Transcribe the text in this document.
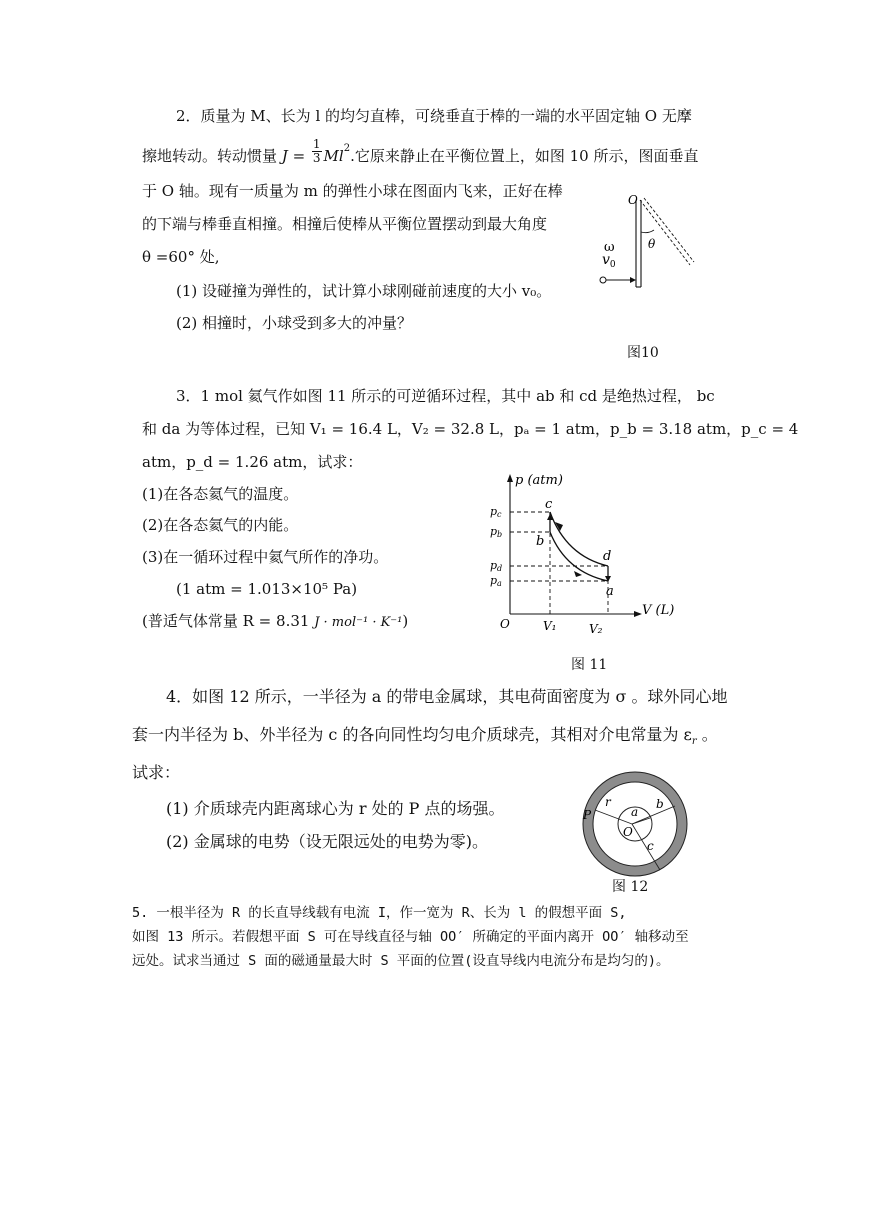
2．质量为 M、长为 l 的均匀直棒，可绕垂直于棒的一端的水平固定轴 O 无摩
擦地转动。转动惯量 $J = \frac{1}{3} Ml^2$.它原来静止在平衡位置上，如图 10 所示，图面垂直
于 O 轴。现有一质量为 m 的弹性小球在图面内飞来，正好在棒
的下端与棒垂直相撞。相撞后使棒从平衡位置摆动到最大角度
θ =60° 处,
(1) 设碰撞为弹性的，试计算小球刚碰前速度的大小 v₀。
(2) 相撞时，小球受到多大的冲量？
O
θ
ω
$v_0$
图10
3．1 mol 氦气作如图 11 所示的可逆循环过程，其中 ab 和 cd 是绝热过程， bc
和 da 为等体过程，已知 V₁ = 16.4 L，V₂ = 32.8 L，pₐ = 1 atm，p_b = 3.18 atm，p_c = 4
atm，p_d = 1.26 atm，试求：
(1)在各态氦气的温度。
(2)在各态氦气的内能。
(3)在一循环过程中氦气所作的净功。
(1 atm = 1.013×10⁵ Pa)
(普适气体常量 R = 8.31 J · mol⁻¹ · K⁻¹)
p (atm)
V (L)
O
pc
pb
pd
pa
V₁	V₂
c
b
d
a
图 11
4．如图 12 所示，一半径为 a 的带电金属球，其电荷面密度为 σ 。球外同心地
套一内半径为 b、外半径为 c 的各向同性均匀电介质球壳，其相对介电常量为 $\varepsilon_r$ 。
试求：
(1) 介质球壳内距离球心为 r 处的 P 点的场强。
(2) 金属球的电势（设无限远处的电势为零)。
P
r
a
b
O
c
图 12
5. 一根半径为 R 的长直导线载有电流 I，作一宽为 R、长为 l 的假想平面 S,
如图 13 所示。若假想平面 S 可在导线直径与轴 OO′ 所确定的平面内离开 OO′ 轴移动至
远处。试求当通过 S 面的磁通量最大时 S 平面的位置(设直导线内电流分布是均匀的)。
